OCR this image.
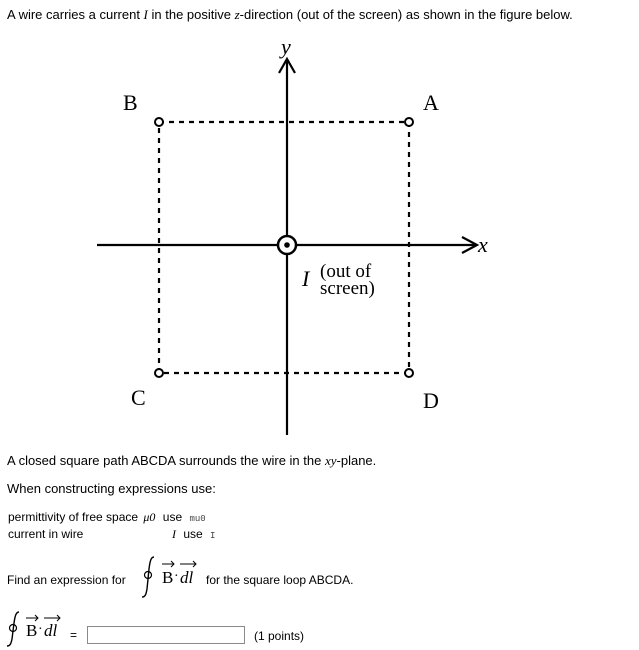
A wire carries a current I in the positive z-direction (out of the screen) as shown in the figure below.
y
x
B	A
C	D
I (out of
screen)
A closed square path ABCDA surrounds the wire in the xy-plane.
When constructing expressions use:
permittivity of free space μ0 use mu0
current in wire	I use I
Find an expression for B · dl for the square loop ABCDA.
B · dl =	(1 points)
